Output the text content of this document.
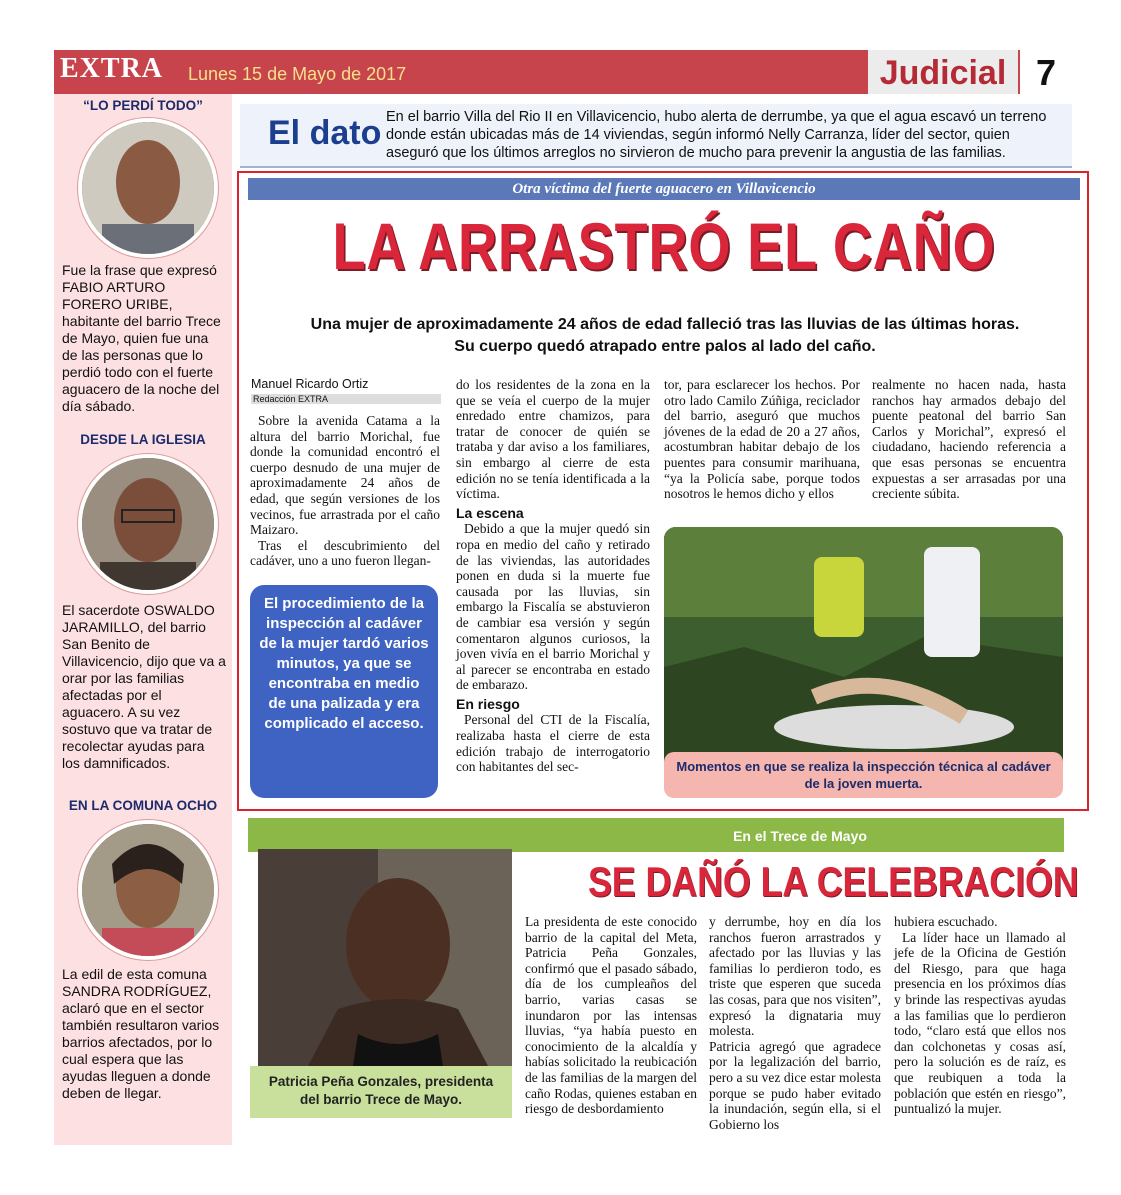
EXTRA Lunes 15 de Mayo de 2017	Judicial 7
“LO PERDÍ TODO”
Fue la frase que expresó FABIO ARTURO FORERO URIBE, habitante del barrio Trece de Mayo, quien fue una de las personas que lo perdió todo con el fuerte aguacero de la noche del día sábado.
DESDE LA IGLESIA
El sacerdote OSWALDO JARAMILLO, del barrio San Benito de Villavicencio, dijo que va a orar por las familias afectadas por el aguacero. A su vez sostuvo que va tratar de recolectar ayudas para los damnificados.
EN LA COMUNA OCHO
La edil de esta comuna SANDRA RODRÍGUEZ, aclaró que en el sector también resultaron varios barrios afectados, por lo cual espera que las ayudas lleguen a donde deben de llegar.
El dato En el barrio Villa del Rio II en Villavicencio, hubo alerta de derrumbe, ya que el agua escavó un terreno donde están ubicadas más de 14 viviendas, según informó Nelly Carranza, líder del sector, quien aseguró que los últimos arreglos no sirvieron de mucho para prevenir la angustia de las familias.
Otra víctima del fuerte aguacero en Villavicencio
LA ARRASTRÓ EL CAÑO
Una mujer de aproximadamente 24 años de edad falleció tras las lluvias de las últimas horas. Su cuerpo quedó atrapado entre palos al lado del caño.
Manuel Ricardo Ortiz
Redacción EXTRA
Sobre la avenida Catama a la altura del barrio Morichal, fue donde la comunidad encontró el cuerpo desnudo de una mujer de aproximadamente 24 años de edad, que según versiones de los vecinos, fue arrastrada por el caño Maizaro.
Tras el descubrimiento del cadáver, uno a uno fueron llegan-
El procedimiento de la inspección al cadáver de la mujer tardó varios minutos, ya que se encontraba en medio de una palizada y era complicado el acceso.
do los residentes de la zona en la que se veía el cuerpo de la mujer enredado entre chamizos, para tratar de conocer de quién se trataba y dar aviso a los familiares, sin embargo al cierre de esta edición no se tenía identificada a la víctima.
La escena
Debido a que la mujer quedó sin ropa en medio del caño y retirado de las viviendas, las autoridades ponen en duda si la muerte fue causada por las lluvias, sin embargo la Fiscalía se abstuvieron de cambiar esa versión y según comentaron algunos curiosos, la joven vivía en el barrio Morichal y al parecer se encontraba en estado de embarazo.
En riesgo
Personal del CTI de la Fiscalía, realizaba hasta el cierre de esta edición trabajo de interrogatorio con habitantes del sec-
tor, para esclarecer los hechos. Por otro lado Camilo Zúñiga, reciclador del barrio, aseguró que muchos jóvenes de la edad de 20 a 27 años, acostumbran habitar debajo de los puentes para consumir marihuana, “ya la Policía sabe, porque todos nosotros le hemos dicho y ellos
realmente no hacen nada, hasta ranchos hay armados debajo del puente peatonal del barrio San Carlos y Morichal”, expresó el ciudadano, haciendo referencia a que esas personas se encuentra expuestas a ser arrasadas por una creciente súbita.
Momentos en que se realiza la inspección técnica al cadáver de la joven muerta.
En el Trece de Mayo
Patricia Peña Gonzales, presidenta del barrio Trece de Mayo.
SE DAÑÓ LA CELEBRACIÓN
La presidenta de este conocido barrio de la capital del Meta, Patricia Peña Gonzales, confirmó que el pasado sábado, día de los cumpleaños del barrio, varias casas se inundaron por las intensas lluvias, “ya había puesto en conocimiento de la alcaldía y habías solicitado la reubicación de las familias de la margen del caño Rodas, quienes estaban en riesgo de desbordamiento
y derrumbe, hoy en día los ranchos fueron arrastrados y afectado por las lluvias y las familias lo perdieron todo, es triste que esperen que suceda las cosas, para que nos visiten”, expresó la dignataria muy molesta.
Patricia agregó que agradece por la legalización del barrio, pero a su vez dice estar molesta porque se pudo haber evitado la inundación, según ella, si el Gobierno los
hubiera escuchado.
La líder hace un llamado al jefe de la Oficina de Gestión del Riesgo, para que haga presencia en los próximos días y brinde las respectivas ayudas a las familias que lo perdieron todo, “claro está que ellos nos dan colchonetas y cosas así, pero la solución es de raíz, es que reubiquen a toda la población que estén en riesgo”, puntualizó la mujer.
